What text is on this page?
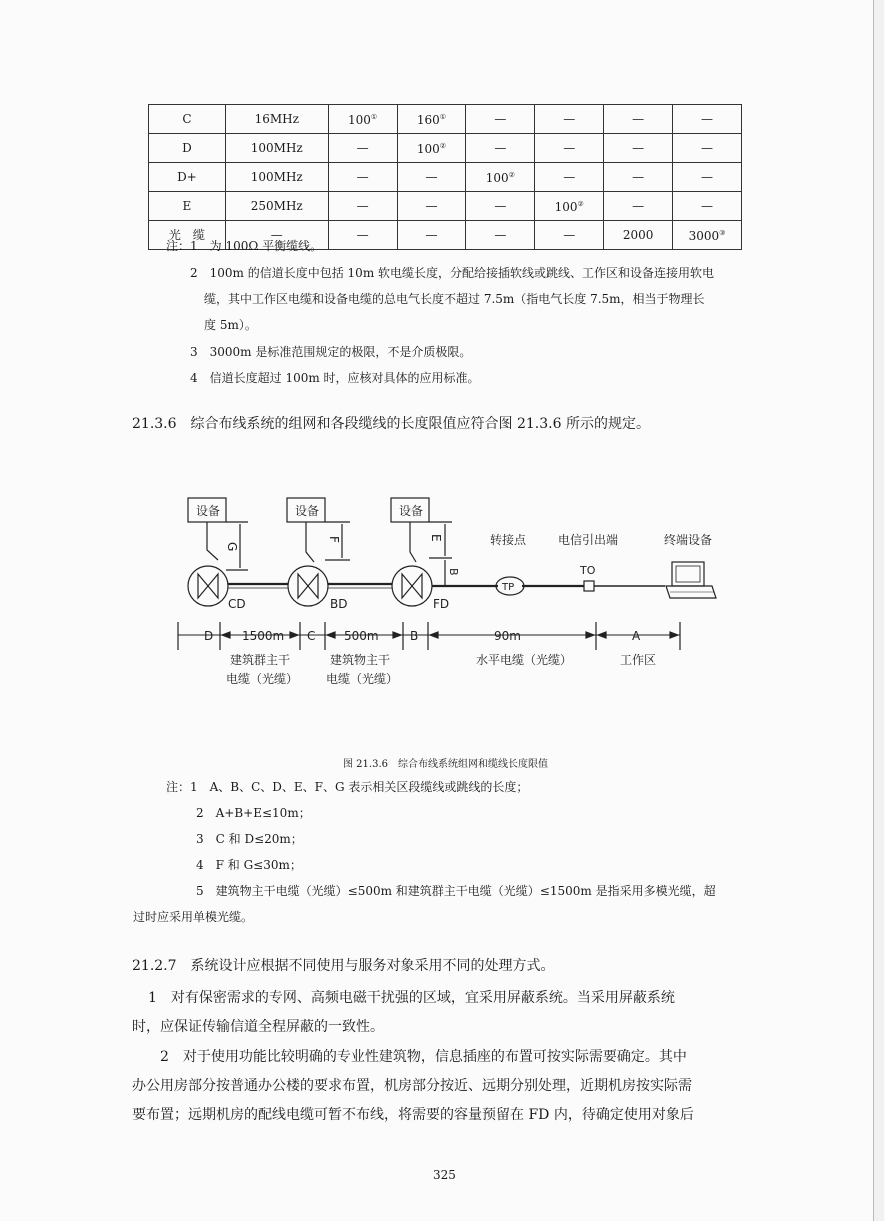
C	16MHz	100①	160①	—	—	—	—
D	100MHz	—	100②	—	—	—	—
D+	100MHz	—	—	100②	—	—	—
E	250MHz	—	—	—	100②	—	—
光　缆	—	—	—	—	—	2000	3000③
注：1　为 100Ω 平衡缆线。
2　100m 的信道长度中包括 10m 软电缆长度，分配给接插软线或跳线、工作区和设备连接用软电
缆，其中工作区电缆和设备电缆的总电气长度不超过 7.5m（指电气长度 7.5m，相当于物理长
度 5m）。
3　3000m 是标准范围规定的极限，不是介质极限。
4　信道长度超过 100m 时，应核对具体的应用标准。
21.3.6　综合布线系统的组网和各段缆线的长度限值应符合图 21.3.6 所示的规定。
设备	设备	设备
G
F	E
B
CD	BD	FD
TP
TO
转接点	电信引出端	终端设备
D 1500m C 500m	B	90m	A
建筑群主干
电缆（光缆）
建筑物主干
电缆（光缆）
水平电缆（光缆）	工作区
图 21.3.6　综合布线系统组网和缆线长度限值
注：1　A、B、C、D、E、F、G 表示相关区段缆线或跳线的长度；
2　A+B+E≤10m；
3　C 和 D≤20m；
4　F 和 G≤30m；
5　建筑物主干电缆（光缆）≤500m 和建筑群主干电缆（光缆）≤1500m 是指采用多模光缆，超
过时应采用单模光缆。
21.2.7　系统设计应根据不同使用与服务对象采用不同的处理方式。
1　对有保密需求的专网、高频电磁干扰强的区域，宜采用屏蔽系统。当采用屏蔽系统
时，应保证传输信道全程屏蔽的一致性。
2　对于使用功能比较明确的专业性建筑物，信息插座的布置可按实际需要确定。其中
办公用房部分按普通办公楼的要求布置，机房部分按近、远期分别处理，近期机房按实际需
要布置；远期机房的配线电缆可暂不布线，将需要的容量预留在 FD 内，待确定使用对象后
325
